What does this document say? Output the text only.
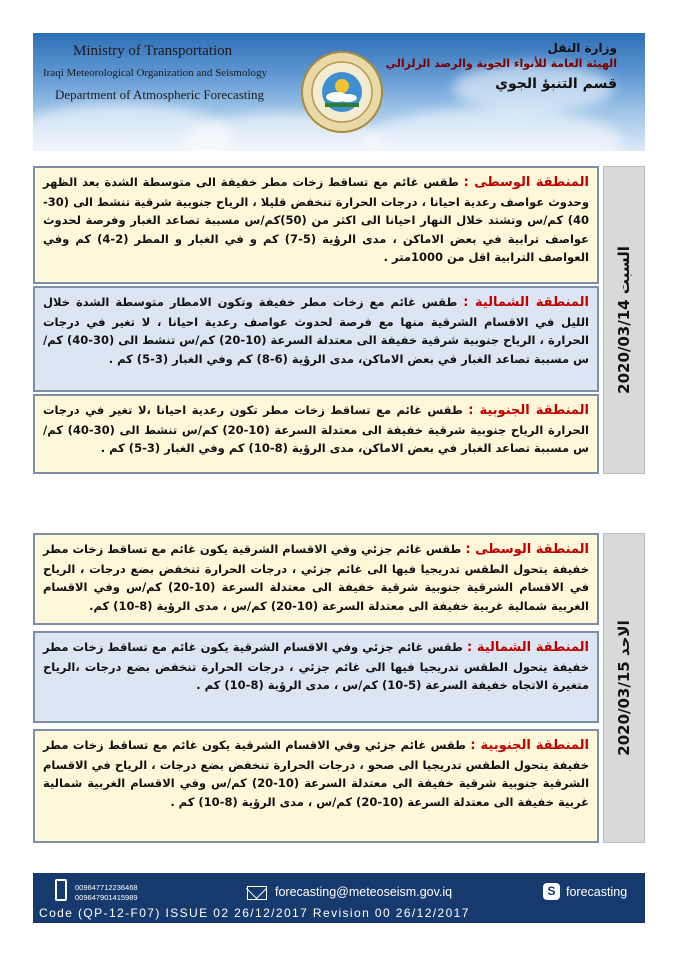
Ministry of Transportation
Iraqi Meteorological Organization and Seismology
Department of Atmospheric Forecasting
وزارة النقل
الهيئة العامة للأنواء الجوية والرصد الزلزالي
قسم التنبؤ الجوي
المنطقة الوسطى : طقس غائم مع تساقط زخات مطر خفيفة الى متوسطة الشدة بعد الظهر وحدوث عواصف رعدية احيانا ، درجات الحرارة تنخفض قليلا ، الرياح جنوبية شرقية تنشط الى (30-40) كم/س وتشتد خلال النهار احيانا الى اكثر من (50)كم/س مسببة تصاعد الغبار وفرصة لحدوث عواصف ترابية في بعض الاماكن ، مدى الرؤية (5-7) كم و في الغبار و المطر (2-4) كم وفي العواصف الترابية اقل من 1000متر .
المنطقة الشمالية : طقس غائم مع زخات مطر خفيفة وتكون الامطار متوسطة الشدة خلال الليل في الاقسام الشرقية منها مع فرصة لحدوث عواصف رعدية احيانا ، لا تغير في درجات الحرارة ، الرياح جنوبية شرقية خفيفة الى معتدلة السرعة (10-20) كم/س تنشط الى (30-40) كم/س مسببة تصاعد الغبار في بعض الاماكن، مدى الرؤية (6-8) كم وفي الغبار (3-5) كم .
المنطقة الجنوبية : طقس غائم مع تساقط زخات مطر تكون رعدية احيانا ،لا تغير في درجات الحرارة الرياح جنوبية شرقية خفيفة الى معتدلة السرعة (10-20) كم/س تنشط الى (30-40) كم/س مسببة تصاعد الغبار في بعض الاماكن، مدى الرؤية (8-10) كم وفي الغبار (3-5) كم .
السبت 2020/03/14
المنطقة الوسطى : طقس غائم جزئي وفي الاقسام الشرقية يكون غائم مع تساقط زخات مطر خفيفة يتحول الطقس تدريجيا فيها الى غائم جزئي ، درجات الحرارة تنخفض بضع درجات ، الرياح في الاقسام الشرقية جنوبية شرقية خفيفة الى معتدلة السرعة (10-20) كم/س وفي الاقسام الغربية شمالية غربية خفيفة الى معتدلة السرعة (10-20) كم/س ، مدى الرؤية (8-10) كم.
المنطقة الشمالية : طقس غائم جزئي وفي الاقسام الشرقية يكون غائم مع تساقط زخات مطر خفيفة يتحول الطقس تدريجيا فيها الى غائم جزئي ، درجات الحرارة تنخفض بضع درجات ،الرياح متغيرة الاتجاه خفيفة السرعة (5-10) كم/س ، مدى الرؤية (8-10) كم .
المنطقة الجنوبية : طقس غائم جزئي وفي الاقسام الشرقية يكون غائم مع تساقط زخات مطر خفيفة يتحول الطقس تدريجيا الى صحو ، درجات الحرارة تنخفض بضع درجات ، الرياح في الاقسام الشرقية جنوبية شرقية خفيفة الى معتدلة السرعة (10-20) كم/س وفي الاقسام الغربية شمالية غربية خفيفة الى معتدلة السرعة (10-20) كم/س ، مدى الرؤية (8-10) كم .
الاحد 2020/03/15
009647712236468
009647901415989	forecasting@meteoseism.gov.iq	S forecasting
Code (QP-12-F07) ISSUE 02 26/12/2017 Revision 00 26/12/2017
